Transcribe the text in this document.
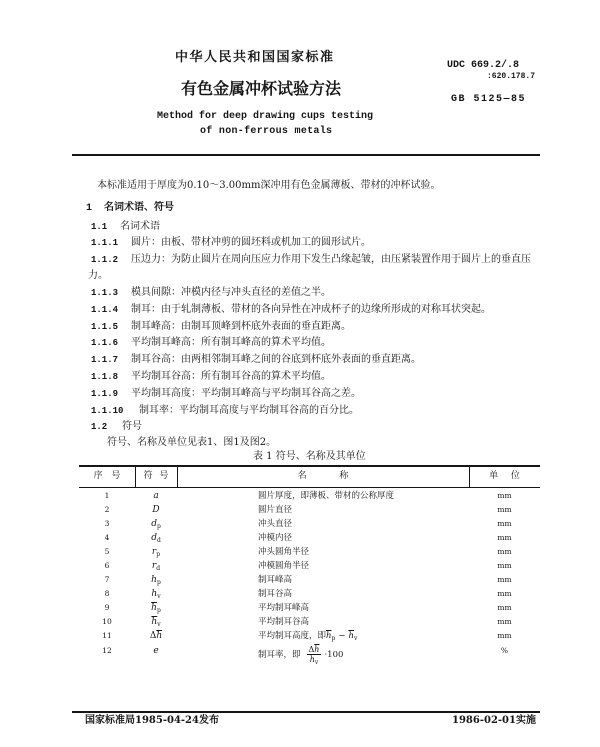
中华人民共和国国家标准
UDC 669.2/.8
:620.178.7
有色金属冲杯试验方法
GB 5125—85
Method for deep drawing cups testing
of non-ferrous metals
本标准适用于厚度为0.10～3.00mm深冲用有色金属薄板、带材的冲杯试验。
1 名词术语、符号
1.1 名词术语
1.1.1 圆片：由板、带材冲剪的圆坯料或机加工的圆形试片。
1.1.2 压边力：为防止圆片在周向压应力作用下发生凸缘起皱，由压紧装置作用于圆片上的垂直压
力。
1.1.3 模具间隙：冲模内径与冲头直径的差值之半。
1.1.4 制耳：由于轧制薄板、带材的各向异性在冲成杯子的边缘所形成的对称耳状突起。
1.1.5 制耳峰高：由制耳顶峰到杯底外表面的垂直距离。
1.1.6 平均制耳峰高：所有制耳峰高的算术平均值。
1.1.7 制耳谷高：由两相邻制耳峰之间的谷底到杯底外表面的垂直距离。
1.1.8 平均制耳谷高：所有制耳谷高的算术平均值。
1.1.9 平均制耳高度：平均制耳峰高与平均制耳谷高之差。
1.1.10 制耳率：平均制耳高度与平均制耳谷高的百分比。
1.2 符号
符号、名称及单位见表1、图1及图2。
表 1 符号、名称及其单位
序 号	符 号	名 称	单 位
1	a	圆片厚度，即薄板、带材的公称厚度	mm
2	D	圆片直径	mm
3	$d_p$	冲头直径	mm
4	$d_d$	冲模内径	mm
5	$r_p$	冲头圆角半径	mm
6	$r_d$	冲模圆角半径	mm
7	$h_p$	制耳峰高	mm
8	$h_v$	制耳谷高	mm
9	$\overline{h}_p$	平均制耳峰高	mm
10	$\overline{h}_v$	平均制耳谷高	mm
11	$\Delta\overline{h}$	平均制耳高度，即$\overline{h}_p - \overline{h}_v$	mm
12	e	制耳率，即 $\frac{\Delta\overline{h}}{\overline{h}_v} \cdot 100$	%
国家标准局1985-04-24发布	1986-02-01实施
